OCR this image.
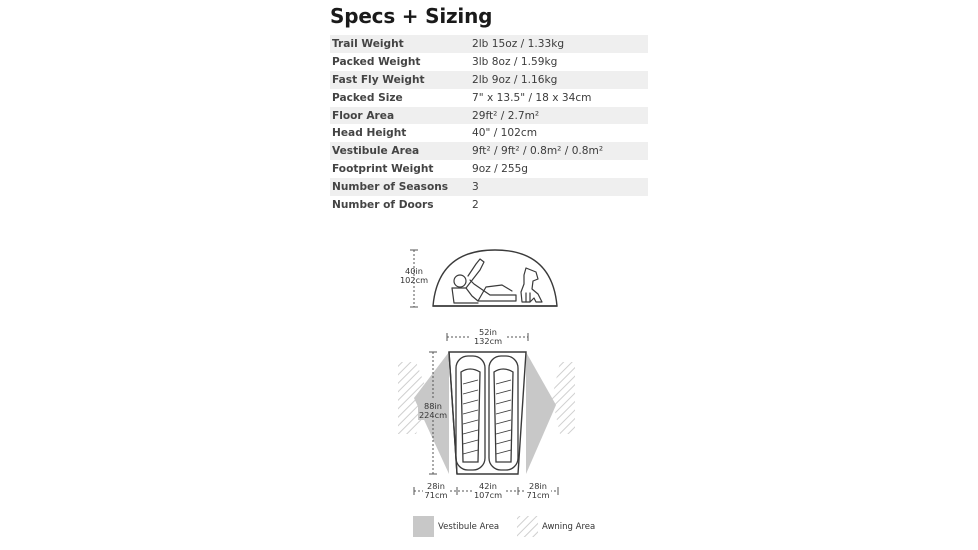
Specs + Sizing
Trail Weight	2lb 15oz / 1.33kg
Packed Weight	3lb 8oz / 1.59kg
Fast Fly Weight	2lb 9oz / 1.16kg
Packed Size	7" x 13.5" / 18 x 34cm
Floor Area	29ft² / 2.7m²
Head Height	40" / 102cm
Vestibule Area	9ft² / 9ft² / 0.8m² / 0.8m²
Footprint Weight	9oz / 255g
Number of Seasons	3
Number of Doors	2
40in
102cm
52in
132cm
88in
224cm
28in
71cm
42in
107cm
28in
71cm
Vestibule Area	Awning Area
